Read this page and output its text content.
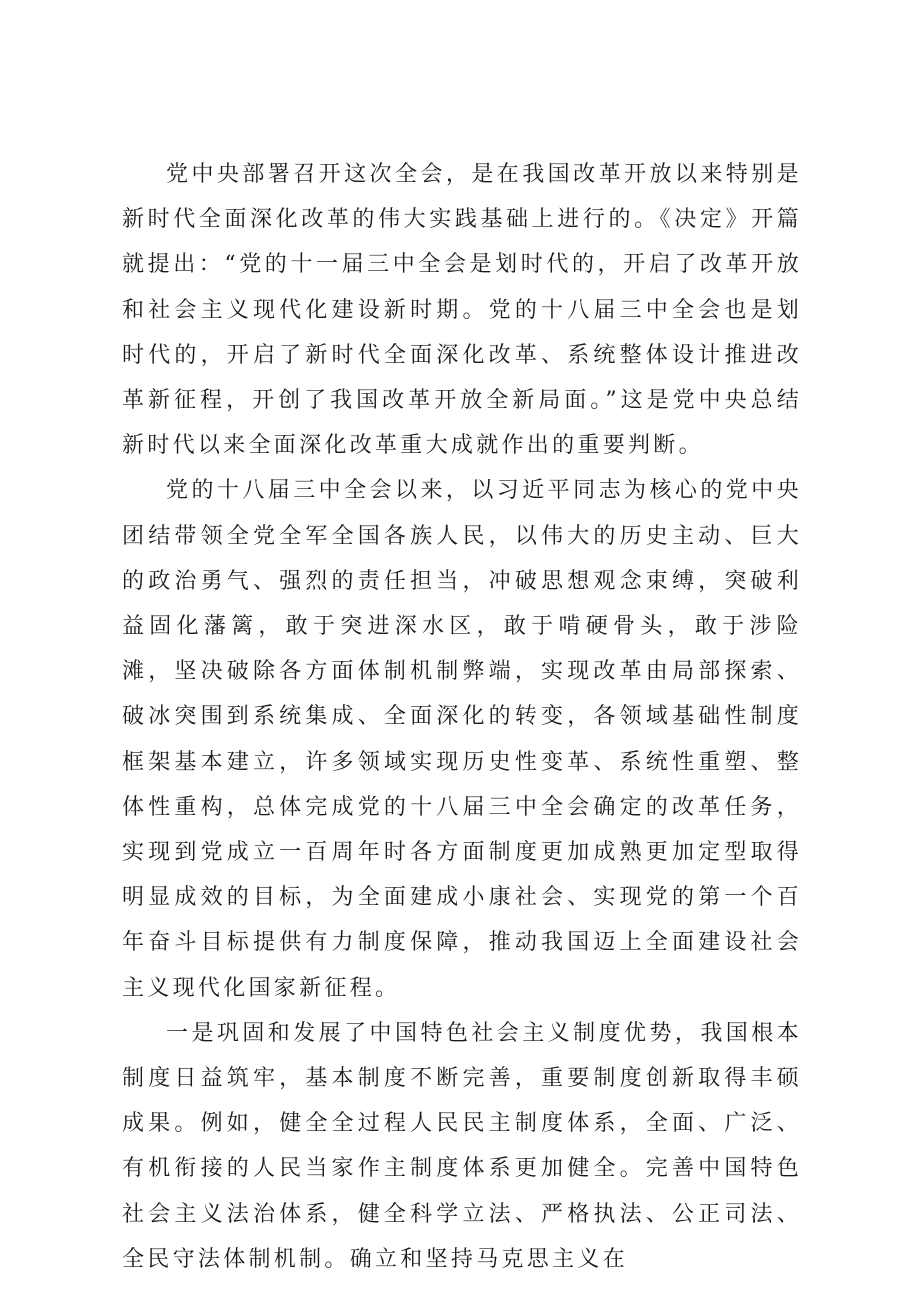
党中央部署召开这次全会，是在我国改革开放以来特别是新时代全面深化改革的伟大实践基础上进行的。《决定》开篇就提出：“党的十一届三中全会是划时代的，开启了改革开放和社会主义现代化建设新时期。党的十八届三中全会也是划时代的，开启了新时代全面深化改革、系统整体设计推进改革新征程，开创了我国改革开放全新局面。”这是党中央总结新时代以来全面深化改革重大成就作出的重要判断。

党的十八届三中全会以来，以习近平同志为核心的党中央团结带领全党全军全国各族人民，以伟大的历史主动、巨大的政治勇气、强烈的责任担当，冲破思想观念束缚，突破利益固化藩篱，敢于突进深水区，敢于啃硬骨头，敢于涉险滩，坚决破除各方面体制机制弊端，实现改革由局部探索、破冰突围到系统集成、全面深化的转变，各领域基础性制度框架基本建立，许多领域实现历史性变革、系统性重塑、整体性重构，总体完成党的十八届三中全会确定的改革任务，实现到党成立一百周年时各方面制度更加成熟更加定型取得明显成效的目标，为全面建成小康社会、实现党的第一个百年奋斗目标提供有力制度保障，推动我国迈上全面建设社会主义现代化国家新征程。

一是巩固和发展了中国特色社会主义制度优势，我国根本制度日益筑牢，基本制度不断完善，重要制度创新取得丰硕成果。例如，健全全过程人民民主制度体系，全面、广泛、有机衔接的人民当家作主制度体系更加健全。完善中国特色社会主义法治体系，健全科学立法、严格执法、公正司法、全民守法体制机制。确立和坚持马克思主义在
